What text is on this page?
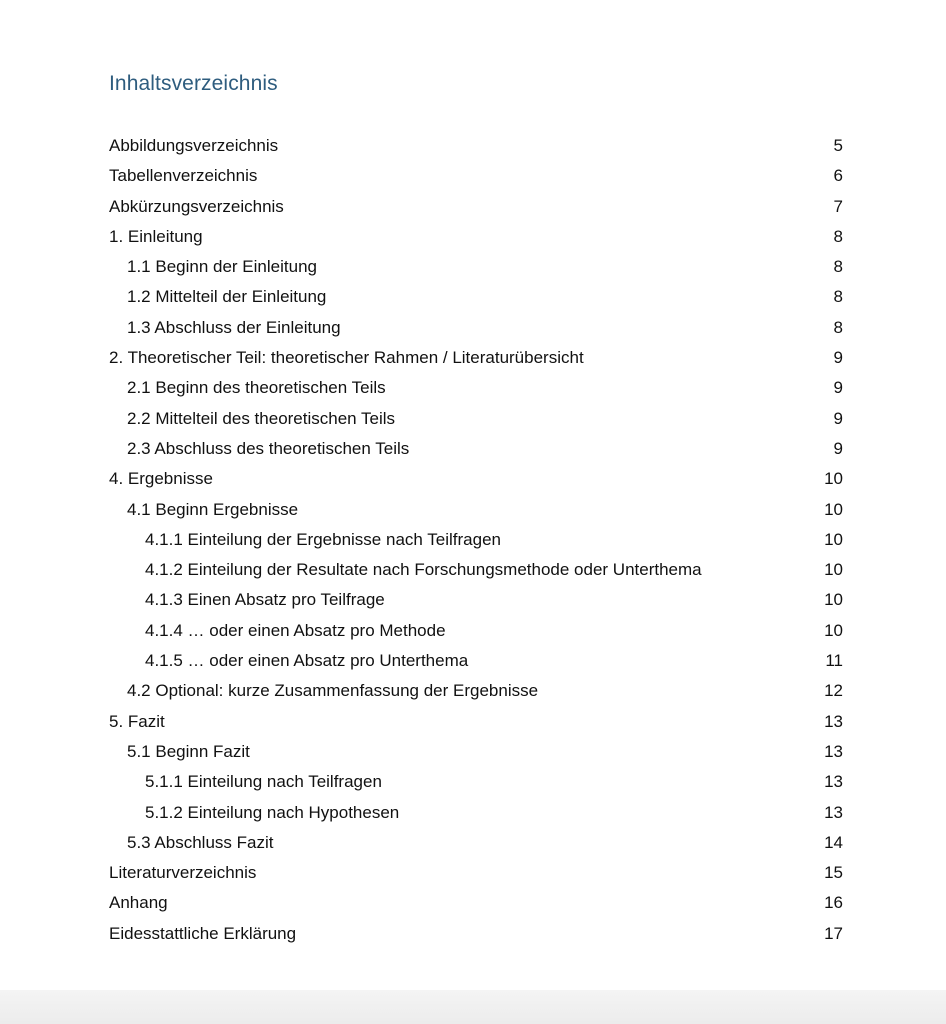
Inhaltsverzeichnis
Abbildungsverzeichnis	5
Tabellenverzeichnis	6
Abkürzungsverzeichnis	7
1. Einleitung	8
1.1 Beginn der Einleitung	8
1.2 Mittelteil der Einleitung	8
1.3 Abschluss der Einleitung	8
2. Theoretischer Teil: theoretischer Rahmen / Literaturübersicht	9
2.1 Beginn des theoretischen Teils	9
2.2 Mittelteil des theoretischen Teils	9
2.3 Abschluss des theoretischen Teils	9
4. Ergebnisse	10
4.1 Beginn Ergebnisse	10
4.1.1 Einteilung der Ergebnisse nach Teilfragen	10
4.1.2 Einteilung der Resultate nach Forschungsmethode oder Unterthema	10
4.1.3 Einen Absatz pro Teilfrage	10
4.1.4 … oder einen Absatz pro Methode	10
4.1.5 … oder einen Absatz pro Unterthema	11
4.2 Optional: kurze Zusammenfassung der Ergebnisse	12
5. Fazit	13
5.1 Beginn Fazit	13
5.1.1 Einteilung nach Teilfragen	13
5.1.2 Einteilung nach Hypothesen	13
5.3 Abschluss Fazit	14
Literaturverzeichnis	15
Anhang	16
Eidesstattliche Erklärung	17
